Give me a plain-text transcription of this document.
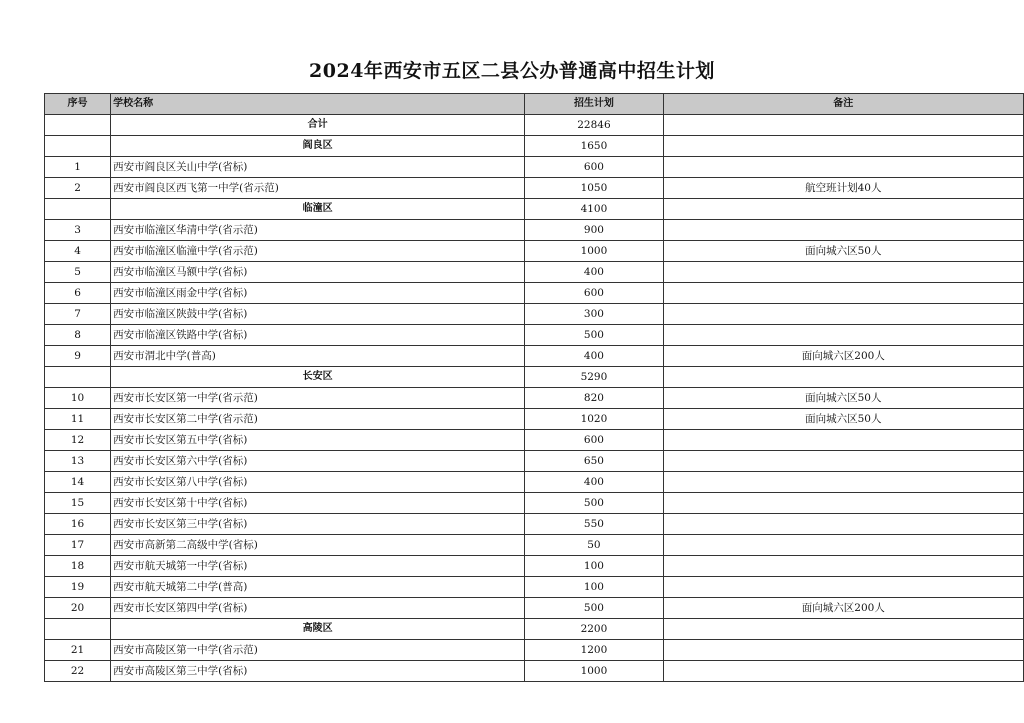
2024年西安市五区二县公办普通高中招生计划
序号	学校名称	招生计划	备注
	合计	22846	
	阎良区	1650	
1	西安市阎良区关山中学(省标)	600	
2	西安市阎良区西飞第一中学(省示范)	1050	航空班计划40人
	临潼区	4100	
3	西安市临潼区华清中学(省示范)	900	
4	西安市临潼区临潼中学(省示范)	1000	面向城六区50人
5	西安市临潼区马额中学(省标)	400	
6	西安市临潼区雨金中学(省标)	600	
7	西安市临潼区陕鼓中学(省标)	300	
8	西安市临潼区铁路中学(省标)	500	
9	西安市渭北中学(普高)	400	面向城六区200人
	长安区	5290	
10	西安市长安区第一中学(省示范)	820	面向城六区50人
11	西安市长安区第二中学(省示范)	1020	面向城六区50人
12	西安市长安区第五中学(省标)	600	
13	西安市长安区第六中学(省标)	650	
14	西安市长安区第八中学(省标)	400	
15	西安市长安区第十中学(省标)	500	
16	西安市长安区第三中学(省标)	550	
17	西安市高新第二高级中学(省标)	50	
18	西安市航天城第一中学(省标)	100	
19	西安市航天城第二中学(普高)	100	
20	西安市长安区第四中学(省标)	500	面向城六区200人
	高陵区	2200	
21	西安市高陵区第一中学(省示范)	1200	
22	西安市高陵区第三中学(省标)	1000	
